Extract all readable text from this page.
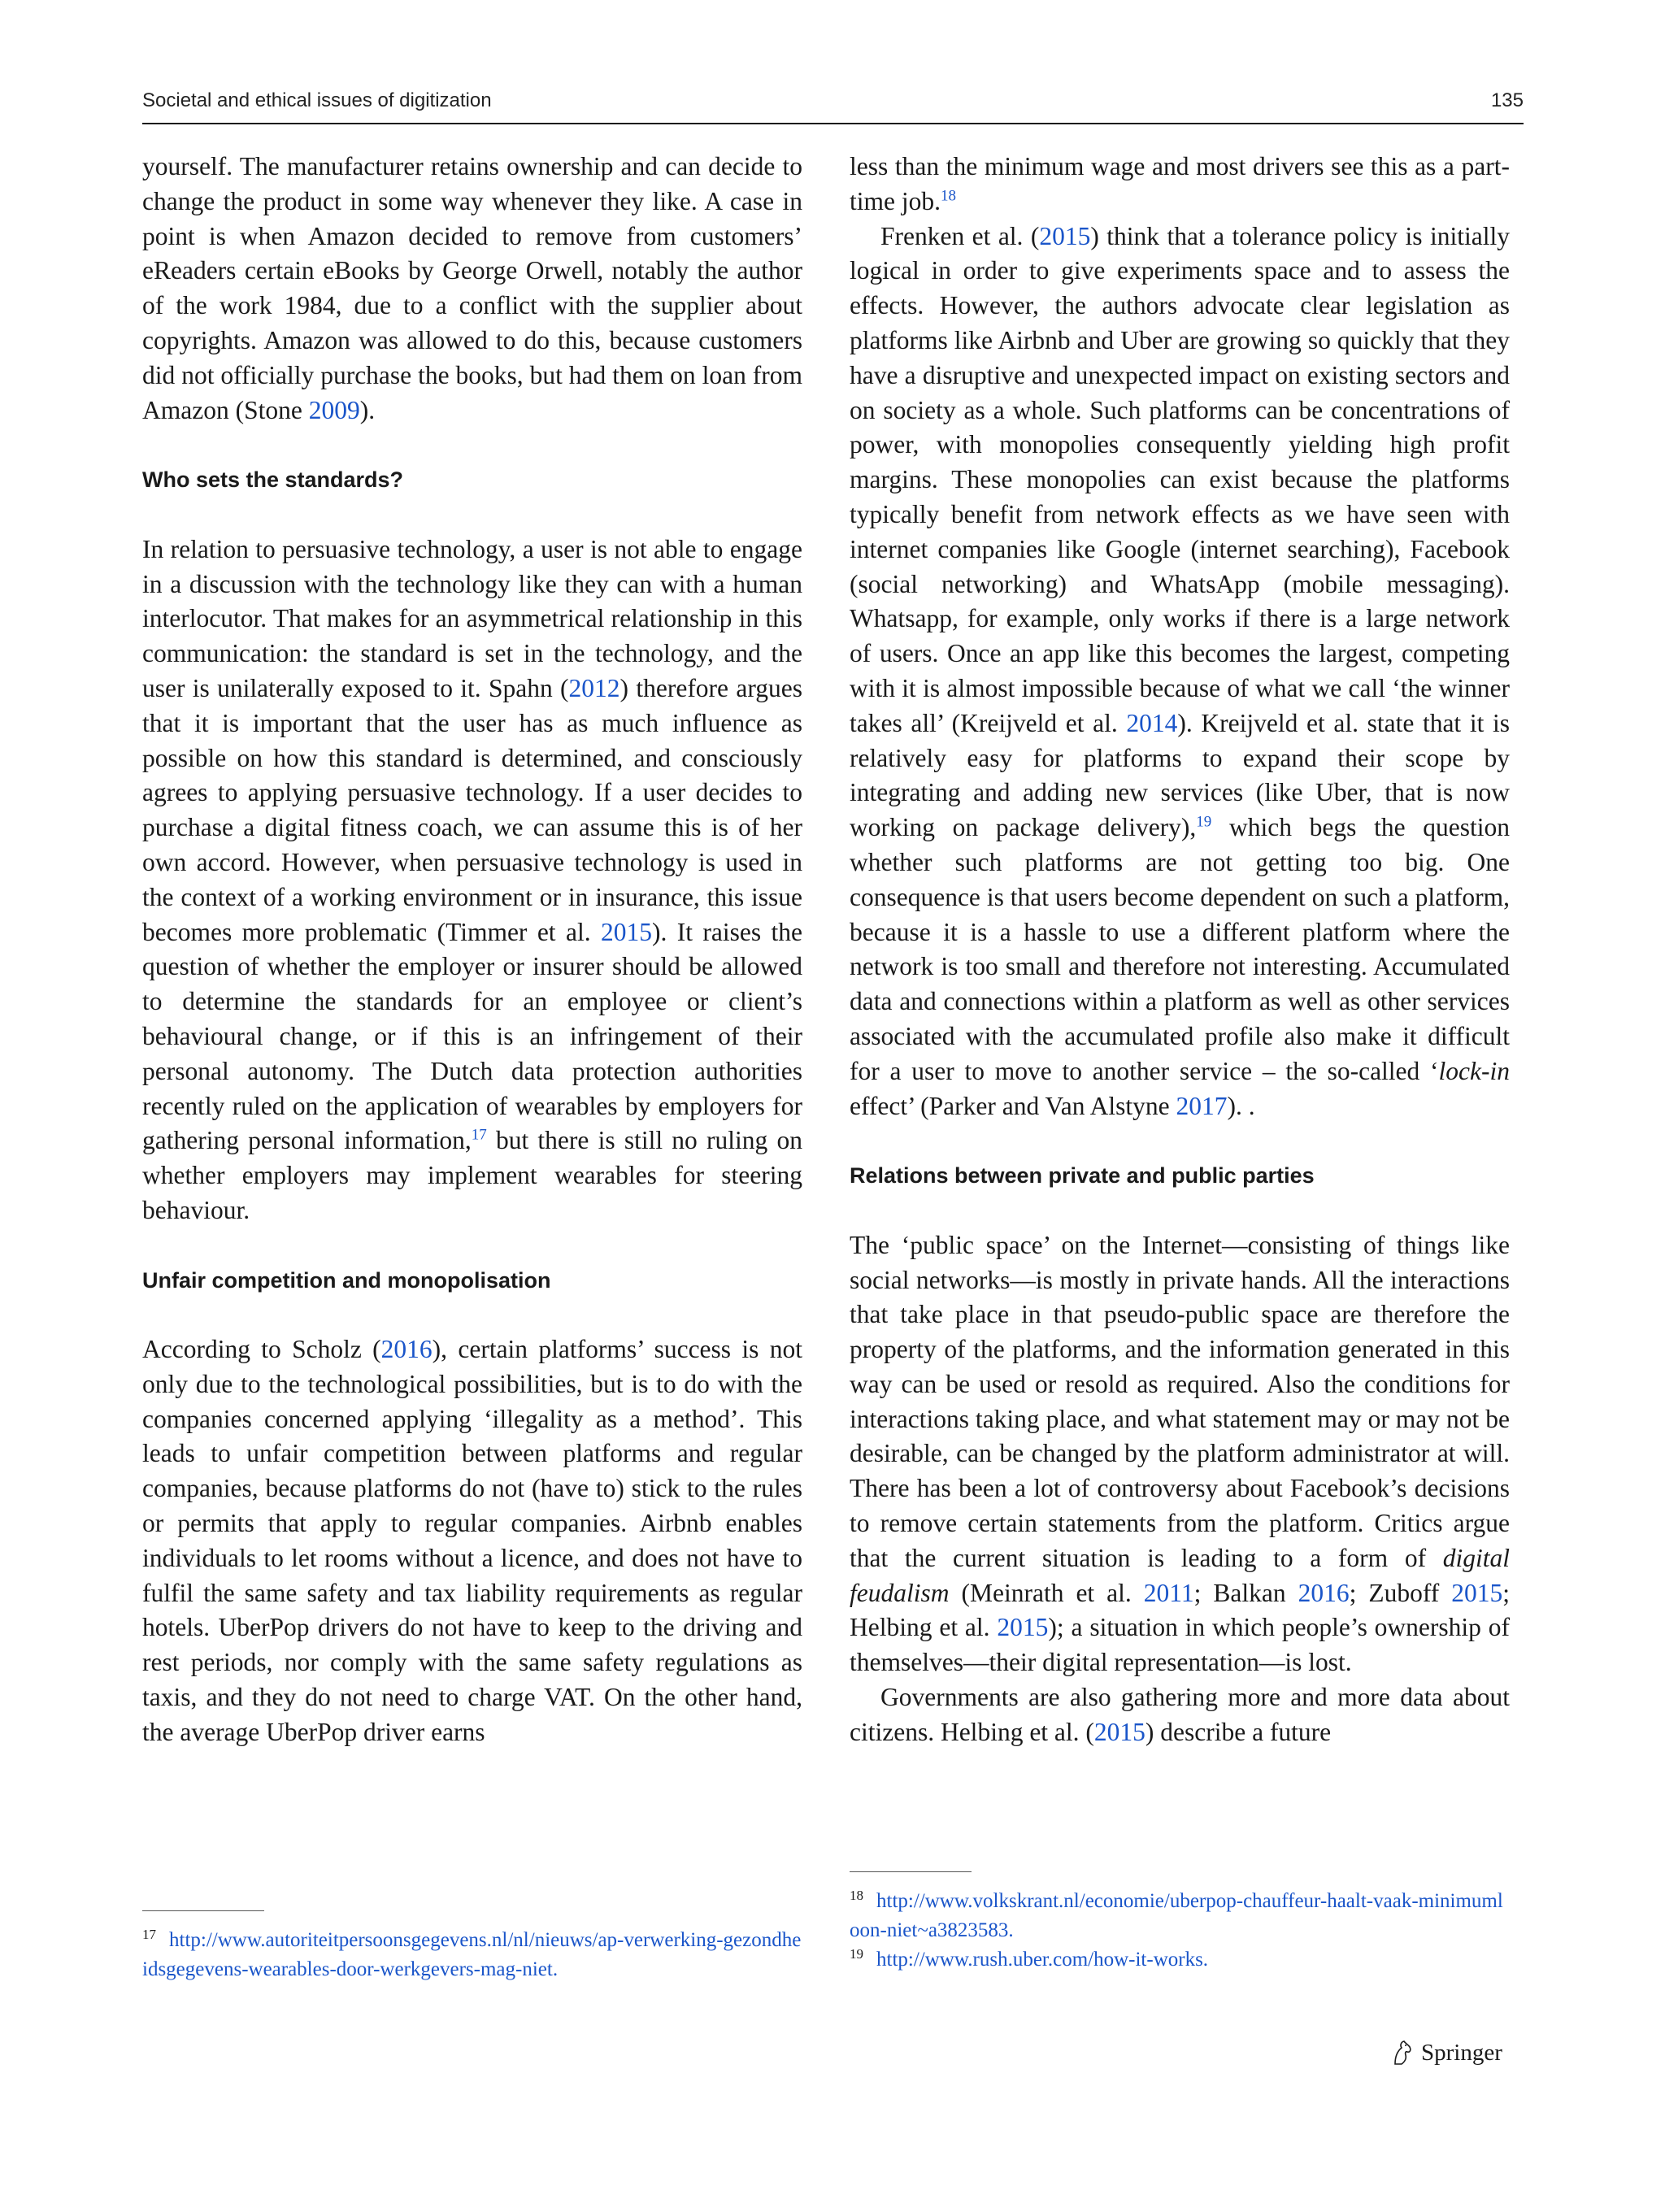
Societal and ethical issues of digitization	135

yourself. The manufacturer retains ownership and can decide to change the product in some way whenever they like. A case in point is when Amazon decided to remove from customers’ eReaders certain eBooks by George Orwell, notably the author of the work 1984, due to a conflict with the supplier about copyrights. Amazon was allowed to do this, because customers did not officially purchase the books, but had them on loan from Amazon (Stone 2009).

Who sets the standards?

In relation to persuasive technology, a user is not able to engage in a discussion with the technology like they can with a human interlocutor. That makes for an asymmetrical relationship in this communication: the standard is set in the technology, and the user is unilaterally exposed to it. Spahn (2012) therefore argues that it is important that the user has as much influence as possible on how this standard is determined, and consciously agrees to applying persuasive technology. If a user decides to purchase a digital fitness coach, we can assume this is of her own accord. However, when persuasive technology is used in the context of a working environment or in insurance, this issue becomes more problematic (Timmer et al. 2015). It raises the question of whether the employer or insurer should be allowed to determine the standards for an employee or client’s behavioural change, or if this is an infringement of their personal autonomy. The Dutch data protection authorities recently ruled on the application of wearables by employers for gathering personal information,$^{17}$ but there is still no ruling on whether employers may implement wearables for steering behaviour.

Unfair competition and monopolisation

According to Scholz (2016), certain platforms’ success is not only due to the technological possibilities, but is to do with the companies concerned applying ‘illegality as a method’. This leads to unfair competition between platforms and regular companies, because platforms do not (have to) stick to the rules or permits that apply to regular companies. Airbnb enables individuals to let rooms without a licence, and does not have to fulfil the same safety and tax liability requirements as regular hotels. UberPop drivers do not have to keep to the driving and rest periods, nor comply with the same safety regulations as taxis, and they do not need to charge VAT. On the other hand, the average UberPop driver earns

less than the minimum wage and most drivers see this as a part-time job.$^{18}$

Frenken et al. (2015) think that a tolerance policy is initially logical in order to give experiments space and to assess the effects. However, the authors advocate clear legislation as platforms like Airbnb and Uber are growing so quickly that they have a disruptive and unexpected impact on existing sectors and on society as a whole. Such platforms can be concentrations of power, with monopolies consequently yielding high profit margins. These monopolies can exist because the platforms typically benefit from network effects as we have seen with internet companies like Google (internet searching), Facebook (social networking) and WhatsApp (mobile messaging). Whatsapp, for example, only works if there is a large network of users. Once an app like this becomes the largest, competing with it is almost impossible because of what we call ‘the winner takes all’ (Kreijveld et al. 2014). Kreijveld et al. state that it is relatively easy for platforms to expand their scope by integrating and adding new services (like Uber, that is now working on package delivery),$^{19}$ which begs the question whether such platforms are not getting too big. One consequence is that users become dependent on such a platform, because it is a hassle to use a different platform where the network is too small and therefore not interesting. Accumulated data and connections within a platform as well as other services associated with the accumulated profile also make it difficult for a user to move to another service – the so-called ‘lock-in effect’ (Parker and Van Alstyne 2017). .

Relations between private and public parties

The ‘public space’ on the Internet—consisting of things like social networks—is mostly in private hands. All the interactions that take place in that pseudo-public space are therefore the property of the platforms, and the information generated in this way can be used or resold as required. Also the conditions for interactions taking place, and what statement may or may not be desirable, can be changed by the platform administrator at will. There has been a lot of controversy about Facebook’s decisions to remove certain statements from the platform. Critics argue that the current situation is leading to a form of digital feudalism (Meinrath et al. 2011; Balkan 2016; Zuboff 2015; Helbing et al. 2015); a situation in which people’s ownership of themselves—their digital representation—is lost.

Governments are also gathering more and more data about citizens. Helbing et al. (2015) describe a future

$^{17}$ http://www.autoriteitpersoonsgegevens.nl/nl/nieuws/ap-verwerking-gezondheidsgegevens-wearables-door-werkgevers-mag-niet.

$^{18}$ http://www.volkskrant.nl/economie/uberpop-chauffeur-haalt-vaak-minimumloon-niet~a3823583.

$^{19}$ http://www.rush.uber.com/how-it-works.

Springer
